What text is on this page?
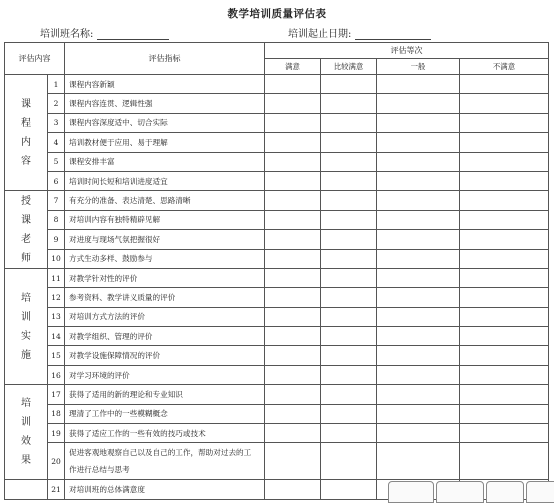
教学培训质量评估表
培训班名称:	培训起止日期:
评估内容		评估指标	评估等次			
			满意	比较满意	一般	不满意

课
程
内
容	1	课程内容新颖				
	2	课程内容连贯、逻辑性强				
	3	课程内容深度适中、切合实际				
	4	培训教材便于应用、易于理解				
	5	课程安排丰富				
	6	培训时间长短和培训进度适宜				

授
课
老
师	7	有充分的准备、表达清楚、思路清晰				
	8	对培训内容有独特精辟见解				
	9	对进度与现场气氛把握很好				
	10	方式生动多样、鼓励参与				

培
训
实
施	11	对教学针对性的评价				
	12	参考资料、教学讲义质量的评价				
	13	对培训方式方法的评价				
	14	对教学组织、管理的评价				
	15	对教学设施保障情况的评价				
	16	对学习环境的评价				

培
训
效
果	17	获得了适用的新的理论和专业知识				
	18	理清了工作中的一些模糊概念				
	19	获得了适应工作的一些有效的技巧或技术				
	20	促进客观地观察自己以及自己的工作，帮助对过去的工作进行总结与思考				
	21	对培训班的总体满意度				
